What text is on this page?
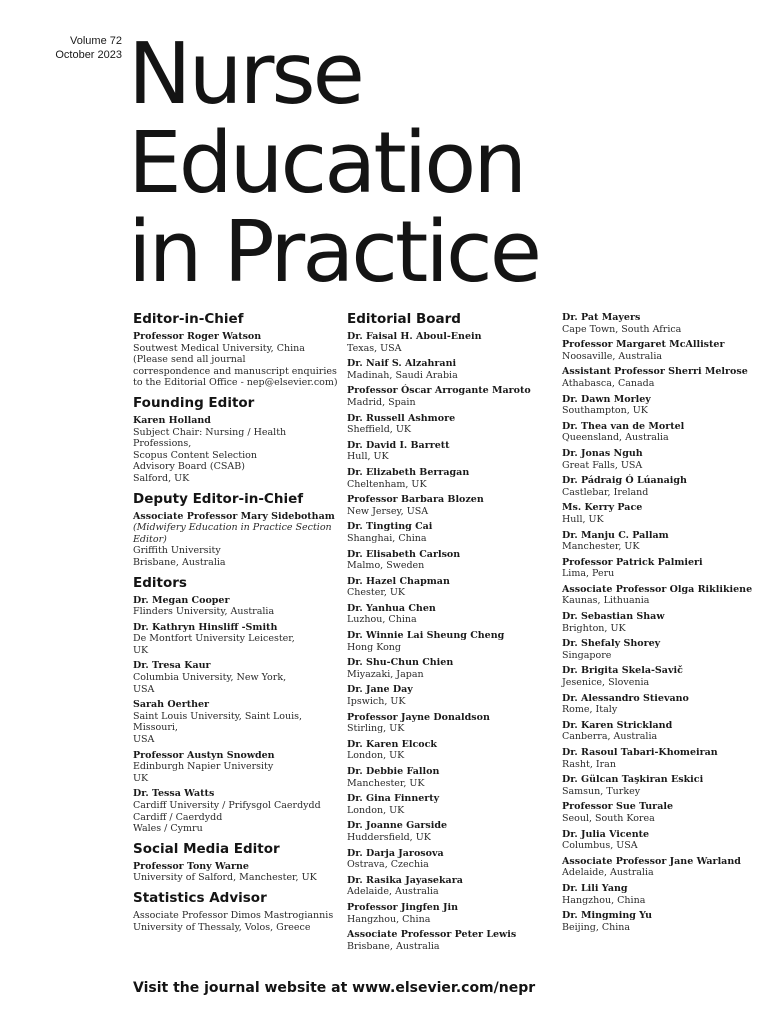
Volume 72
October 2023 Nurse
Education
in Practice
Editor-in-Chief
Professor Roger Watson
Soutwest Medical University, China
(Please send all journal
correspondence and manuscript enquiries
to the Editorial Office - nep@elsevier.com)
Founding Editor
Karen Holland
Subject Chair: Nursing / Health Professions,
Scopus Content Selection
Advisory Board (CSAB)
Salford, UK
Deputy Editor-in-Chief
Associate Professor Mary Sidebotham
(Midwifery Education in Practice Section
Editor)
Griffith University
Brisbane, Australia
Editors
Dr. Megan Cooper
Flinders University, Australia
Dr. Kathryn Hinsliff -Smith
De Montfort University Leicester,
UK
Dr. Tresa Kaur
Columbia University, New York,
USA
Sarah Oerther
Saint Louis University, Saint Louis, Missouri,
USA
Professor Austyn Snowden
Edinburgh Napier University
UK
Dr. Tessa Watts
Cardiff University / Prifysgol Caerdydd
Cardiff / Caerdydd
Wales / Cymru
Social Media Editor
Professor Tony Warne
University of Salford, Manchester, UK
Statistics Advisor
Associate Professor Dimos Mastrogiannis
University of Thessaly, Volos, Greece
Editorial Board
Dr. Faisal H. Aboul-Enein
Texas, USA
Dr. Naif S. Alzahrani
Madinah, Saudi Arabia
Professor Óscar Arrogante Maroto
Madrid, Spain
Dr. Russell Ashmore
Sheffield, UK
Dr. David I. Barrett
Hull, UK
Dr. Elizabeth Berragan
Cheltenham, UK
Professor Barbara Blozen
New Jersey, USA
Dr. Tingting Cai
Shanghai, China
Dr. Elisabeth Carlson
Malmo, Sweden
Dr. Hazel Chapman
Chester, UK
Dr. Yanhua Chen
Luzhou, China
Dr. Winnie Lai Sheung Cheng
Hong Kong
Dr. Shu-Chun Chien
Miyazaki, Japan
Dr. Jane Day
Ipswich, UK
Professor Jayne Donaldson
Stirling, UK
Dr. Karen Elcock
London, UK
Dr. Debbie Fallon
Manchester, UK
Dr. Gina Finnerty
London, UK
Dr. Joanne Garside
Huddersfield, UK
Dr. Darja Jarosova
Ostrava, Czechia
Dr. Rasika Jayasekara
Adelaide, Australia
Professor Jingfen Jin
Hangzhou, China
Associate Professor Peter Lewis
Brisbane, Australia
Dr. Pat Mayers
Cape Town, South Africa
Professor Margaret McAllister
Noosaville, Australia
Assistant Professor Sherri Melrose
Athabasca, Canada
Dr. Dawn Morley
Southampton, UK
Dr. Thea van de Mortel
Queensland, Australia
Dr. Jonas Nguh
Great Falls, USA
Dr. Pádraig Ó Lúanaigh
Castlebar, Ireland
Ms. Kerry Pace
Hull, UK
Dr. Manju C. Pallam
Manchester, UK
Professor Patrick Palmieri
Lima, Peru
Associate Professor Olga Riklikiene
Kaunas, Lithuania
Dr. Sebastian Shaw
Brighton, UK
Dr. Shefaly Shorey
Singapore
Dr. Brigita Skela-Savič
Jesenice, Slovenia
Dr. Alessandro Stievano
Rome, Italy
Dr. Karen Strickland
Canberra, Australia
Dr. Rasoul Tabari-Khomeiran
Rasht, Iran
Dr. Gülcan Taşkiran Eskici
Samsun, Turkey
Professor Sue Turale
Seoul, South Korea
Dr. Julia Vicente
Columbus, USA
Associate Professor Jane Warland
Adelaide, Australia
Dr. Lili Yang
Hangzhou, China
Dr. Mingming Yu
Beijing, China
Visit the journal website at www.elsevier.com/nepr
